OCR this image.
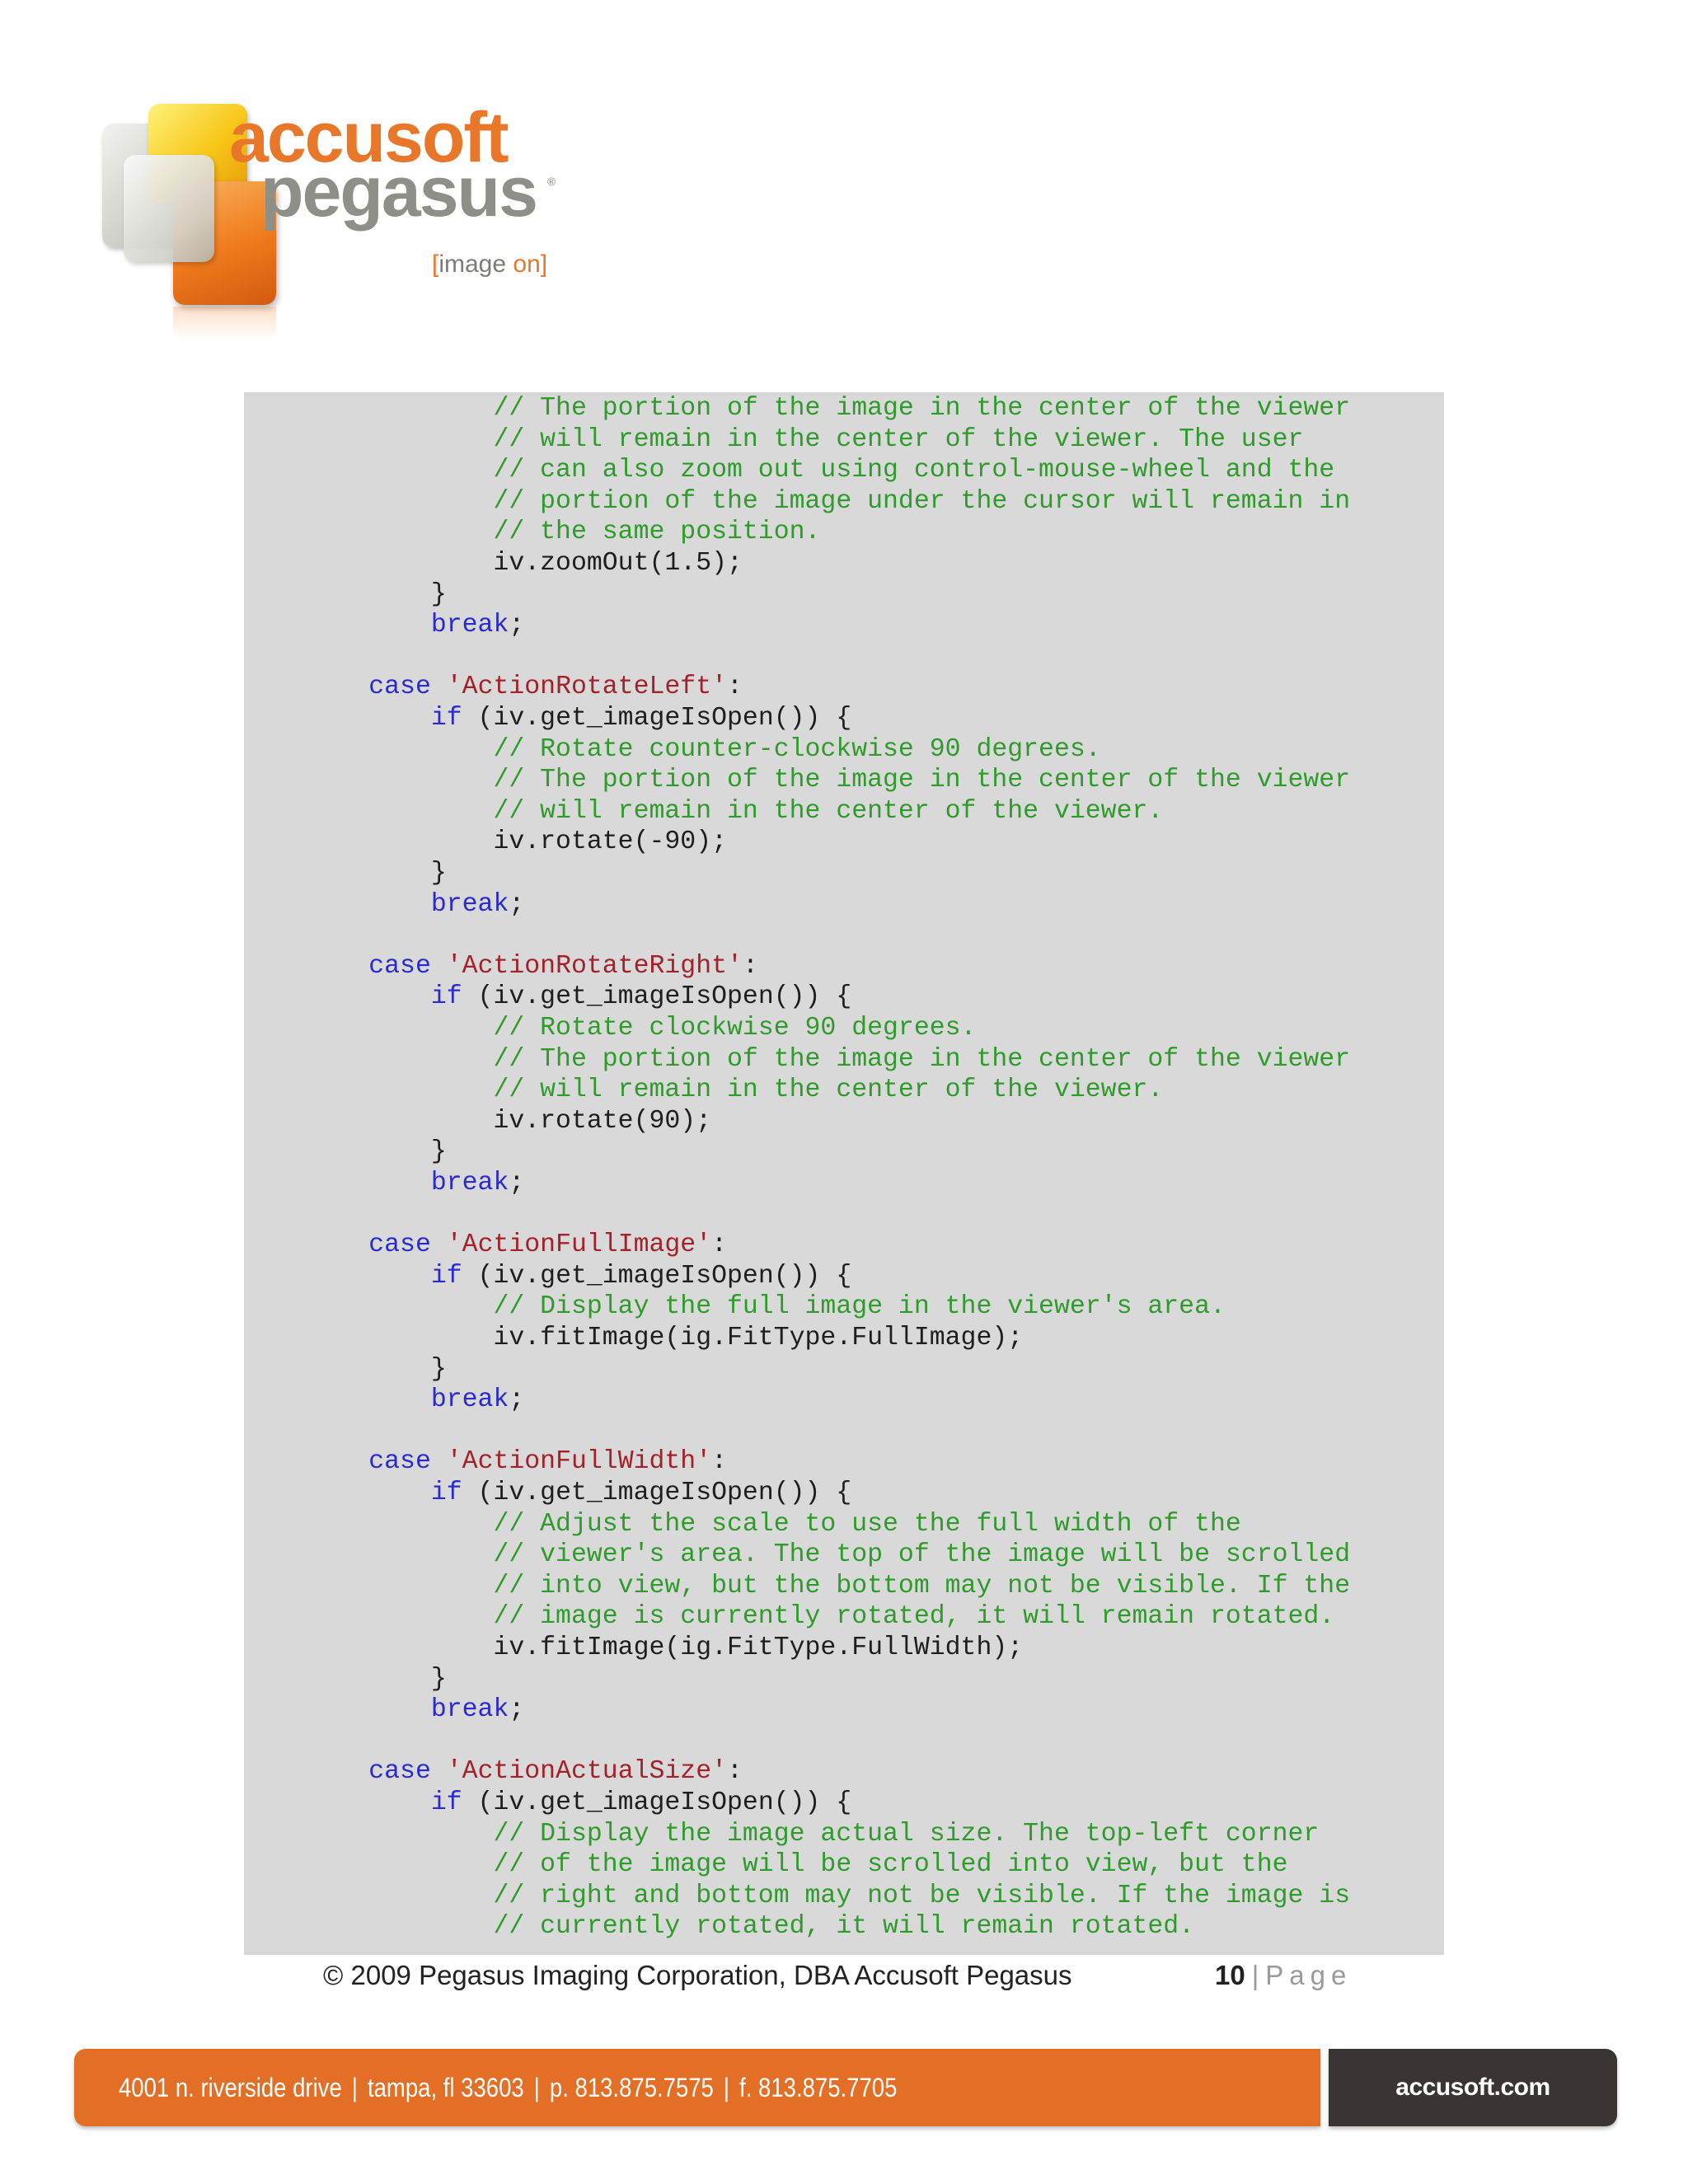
accusoft
pegasus ®
[image on]
// The portion of the image in the center of the viewer
// will remain in the center of the viewer. The user
// can also zoom out using control-mouse-wheel and the
// portion of the image under the cursor will remain in
// the same position.
iv.zoomOut(1.5);
}
break;
case 'ActionRotateLeft':
if (iv.get_imageIsOpen()) {
// Rotate counter-clockwise 90 degrees.
// The portion of the image in the center of the viewer
// will remain in the center of the viewer.
iv.rotate(-90);
}
break;
case 'ActionRotateRight':
if (iv.get_imageIsOpen()) {
// Rotate clockwise 90 degrees.
// The portion of the image in the center of the viewer
// will remain in the center of the viewer.
iv.rotate(90);
}
break;
case 'ActionFullImage':
if (iv.get_imageIsOpen()) {
// Display the full image in the viewer's area.
iv.fitImage(ig.FitType.FullImage);
}
break;
case 'ActionFullWidth':
if (iv.get_imageIsOpen()) {
// Adjust the scale to use the full width of the
// viewer's area. The top of the image will be scrolled
// into view, but the bottom may not be visible. If the
// image is currently rotated, it will remain rotated.
iv.fitImage(ig.FitType.FullWidth);
}
break;
case 'ActionActualSize':
if (iv.get_imageIsOpen()) {
// Display the image actual size. The top-left corner
// of the image will be scrolled into view, but the
// right and bottom may not be visible. If the image is
// currently rotated, it will remain rotated.
© 2009 Pegasus Imaging Corporation, DBA Accusoft Pegasus	10 | Page
4001 n. riverside drive | tampa, fl 33603 | p. 813.875.7575 | f. 813.875.7705	accusoft.com
